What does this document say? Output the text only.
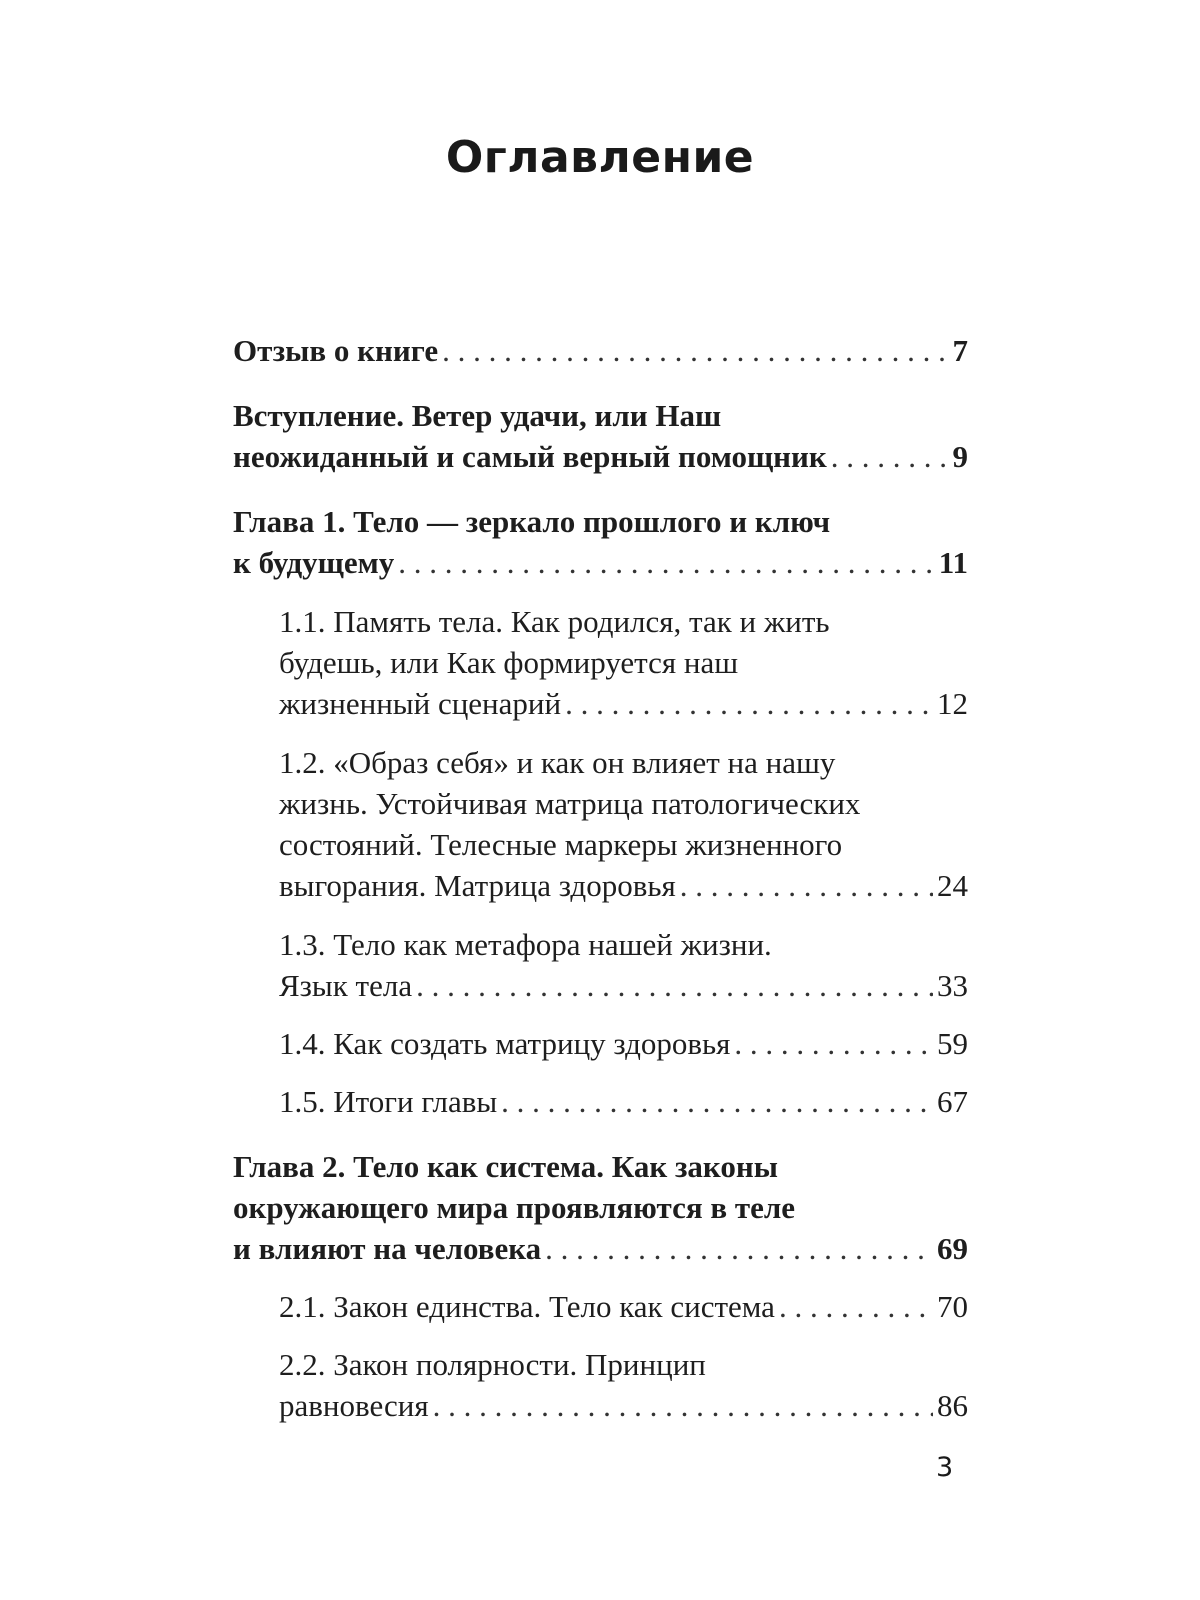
Оглавление
Отзыв о книге . . .	7
Вступление. Ветер удачи, или Наш
неожиданный и самый верный помощник . . .	9
Глава 1. Тело — зеркало прошлого и ключ
к будущему . . .	11
1.1. Память тела. Как родился, так и жить
будешь, или Как формируется наш
жизненный сценарий . . .	12
1.2. «Образ себя» и как он влияет на нашу
жизнь. Устойчивая матрица патологических
состояний. Телесные маркеры жизненного
выгорания. Матрица здоровья . . .	24
1.3. Тело как метафора нашей жизни.
Язык тела . . .	33
1.4. Как создать матрицу здоровья . . .	59
1.5. Итоги главы . . .	67
Глава 2. Тело как система. Как законы
окружающего мира проявляются в теле
и влияют на человека . . .	69
2.1. Закон единства. Тело как система . . .	70
2.2. Закон полярности. Принцип
равновесия . . .	86
3
